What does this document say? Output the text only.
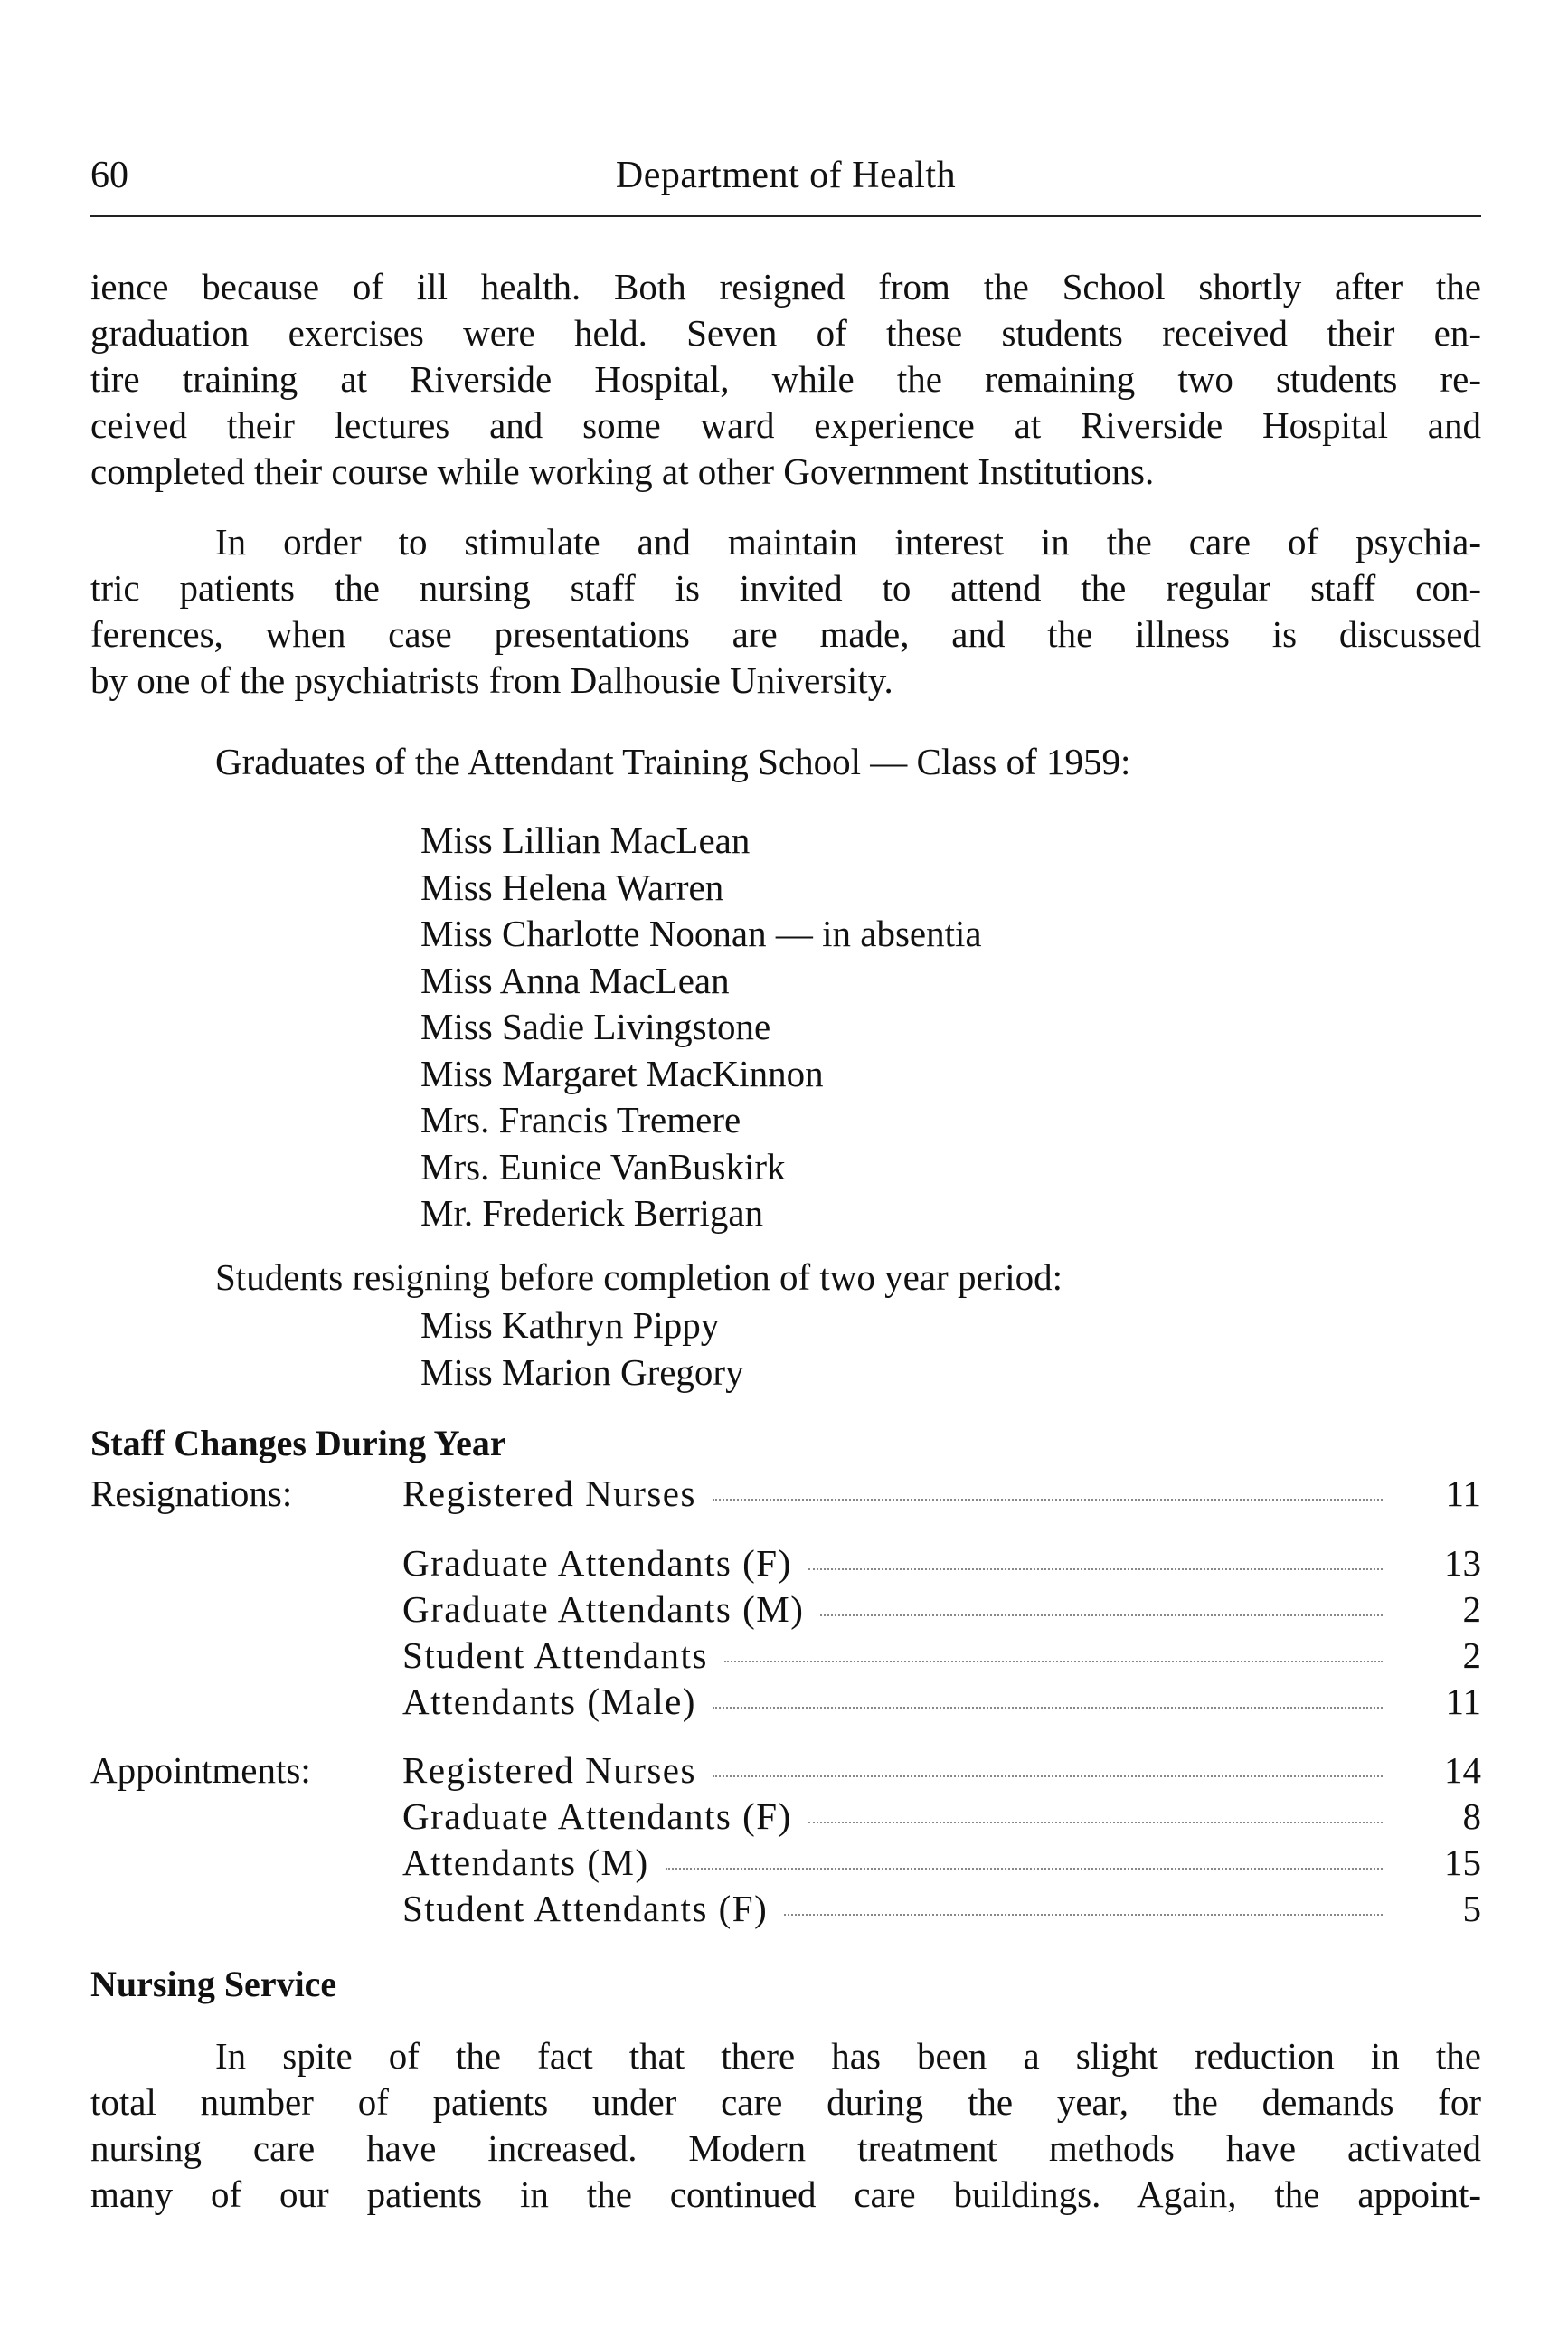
60	Department of Health
ience because of ill health. Both resigned from the School shortly after the
graduation exercises were held. Seven of these students received their en-
tire training at Riverside Hospital, while the remaining two students re-
ceived their lectures and some ward experience at Riverside Hospital and
completed their course while working at other Government Institutions.
In order to stimulate and maintain interest in the care of psychia-
tric patients the nursing staff is invited to attend the regular staff con-
ferences, when case presentations are made, and the illness is discussed
by one of the psychiatrists from Dalhousie University.
Graduates of the Attendant Training School — Class of 1959:
Miss Lillian MacLean
Miss Helena Warren
Miss Charlotte Noonan — in absentia
Miss Anna MacLean
Miss Sadie Livingstone
Miss Margaret MacKinnon
Mrs. Francis Tremere
Mrs. Eunice VanBuskirk
Mr. Frederick Berrigan
Students resigning before completion of two year period:
Miss Kathryn Pippy
Miss Marion Gregory
Staff Changes During Year
Resignations:	Registered Nurses	11
Graduate Attendants (F)	13
Graduate Attendants (M)	2
Student Attendants	2
Attendants (Male)	11
Appointments: Registered Nurses	14
Graduate Attendants (F)	8
Attendants (M)	15
Student Attendants (F)	5
Nursing Service
In spite of the fact that there has been a slight reduction in the
total number of patients under care during the year, the demands for
nursing care have increased. Modern treatment methods have activated
many of our patients in the continued care buildings. Again, the appoint-
